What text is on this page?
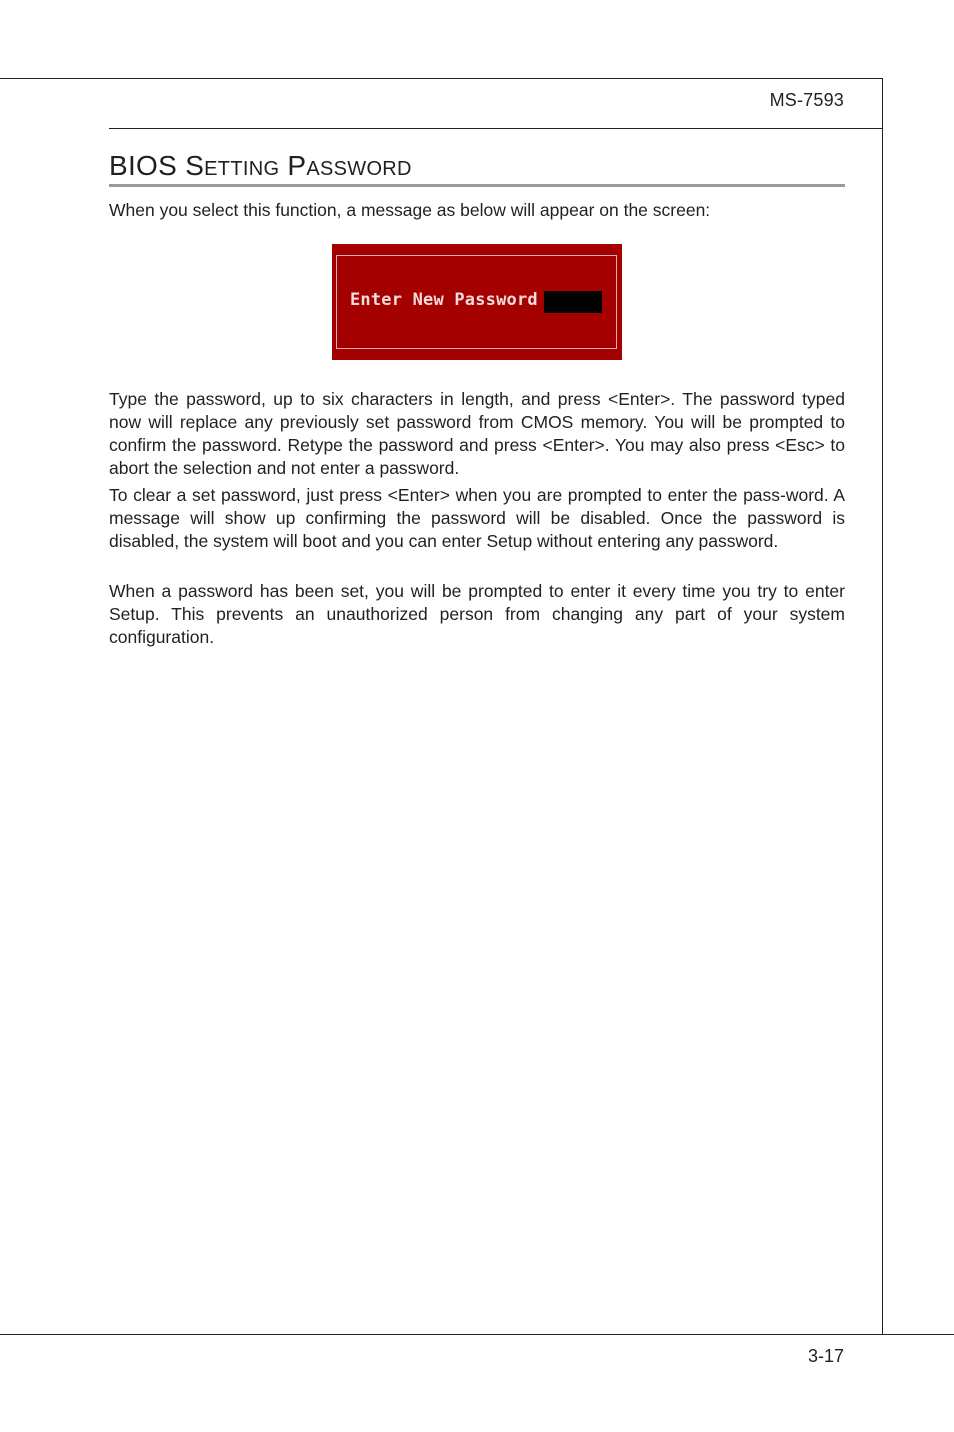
MS-7593
BIOS Setting Password

When you select this function, a message as below will appear on the screen:

Enter New Password

Type the password, up to six characters in length, and press <Enter>. The password typed now will replace any previously set password from CMOS memory. You will be prompted to confirm the password. Retype the password and press <Enter>. You may also press <Esc> to abort the selection and not enter a password.

To clear a set password, just press <Enter> when you are prompted to enter the pass-word. A message will show up confirming the password will be disabled. Once the password is disabled, the system will boot and you can enter Setup without entering any password.

When a password has been set, you will be prompted to enter it every time you try to enter Setup. This prevents an unauthorized person from changing any part of your system configuration.

3-17
